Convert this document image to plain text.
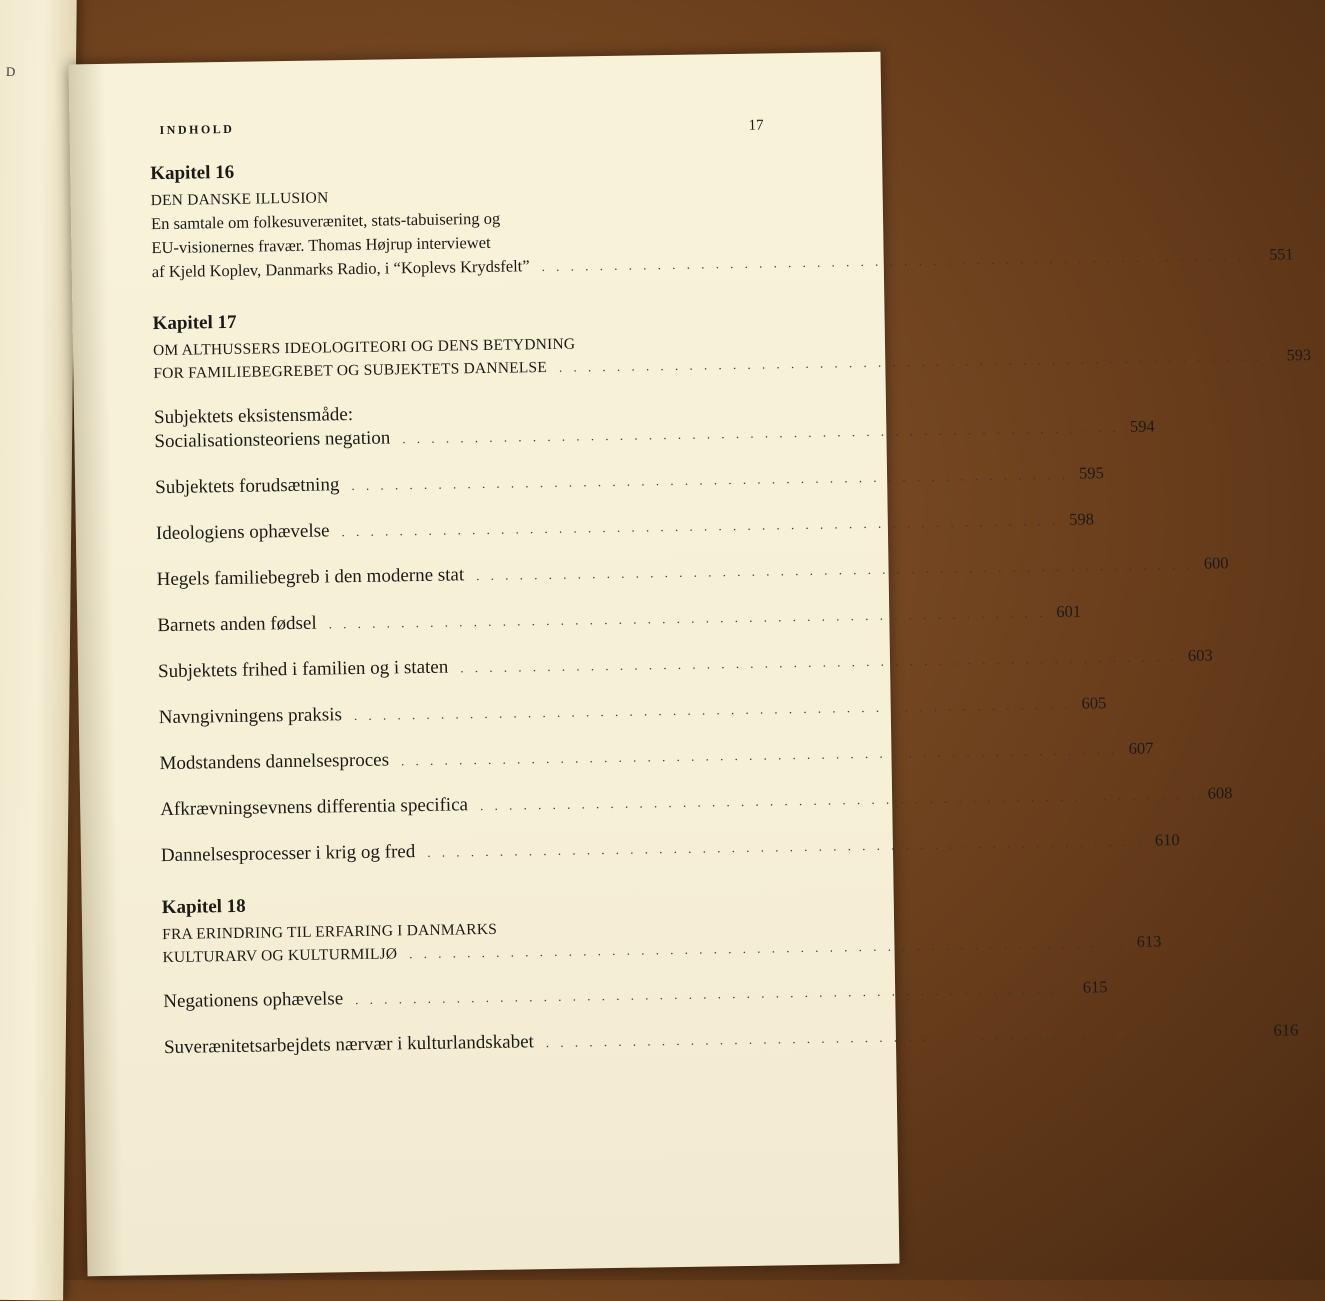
D
INDHOLD	17
Kapitel 16
DEN DANSKE ILLUSION
En samtale om folkesuverænitet, stats-tabuisering og
EU-visionernes fravær. Thomas Højrup interviewet
af Kjeld Koplev, Danmarks Radio, i “Koplevs Krydsfelt” . . . . . . . . . . . . . . . . . . . . . . . . . . . . . . . . . . . . . . . . . . . . . . . . . . 551
Kapitel 17
OM ALTHUSSERS IDEOLOGITEORI OG DENS BETYDNING
FOR FAMILIEBEGREBET OG SUBJEKTETS DANNELSE . . . . . . . . . . . . . . . . . . . . . . . . . . . . . . . . . . . . . . . . . . . . . . . . . . 593
Subjektets eksistensmåde:
Socialisationsteoriens negation . . . . . . . . . . . . . . . . . . . . . . . . . . . . . . . . . . . . . . . . . . . . . . . . . . 594
Subjektets forudsætning . . . . . . . . . . . . . . . . . . . . . . . . . . . . . . . . . . . . . . . . . . . . . . . . . . 595
Ideologiens ophævelse . . . . . . . . . . . . . . . . . . . . . . . . . . . . . . . . . . . . . . . . . . . . . . . . . . 598
Hegels familiebegreb i den moderne stat . . . . . . . . . . . . . . . . . . . . . . . . . . . . . . . . . . . . . . . . . . . . . . . . . . 600
Barnets anden fødsel . . . . . . . . . . . . . . . . . . . . . . . . . . . . . . . . . . . . . . . . . . . . . . . . . . 601
Subjektets frihed i familien og i staten . . . . . . . . . . . . . . . . . . . . . . . . . . . . . . . . . . . . . . . . . . . . . . . . . . 603
Navngivningens praksis . . . . . . . . . . . . . . . . . . . . . . . . . . . . . . . . . . . . . . . . . . . . . . . . . . 605
Modstandens dannelsesproces . . . . . . . . . . . . . . . . . . . . . . . . . . . . . . . . . . . . . . . . . . . . . . . . . . 607
Afkrævningsevnens differentia specifica . . . . . . . . . . . . . . . . . . . . . . . . . . . . . . . . . . . . . . . . . . . . . . . . . . 608
Dannelsesprocesser i krig og fred . . . . . . . . . . . . . . . . . . . . . . . . . . . . . . . . . . . . . . . . . . . . . . . . . . 610
Kapitel 18
FRA ERINDRING TIL ERFARING I DANMARKS
KULTURARV OG KULTURMILJØ . . . . . . . . . . . . . . . . . . . . . . . . . . . . . . . . . . . . . . . . . . . . . . . . . . 613
Negationens ophævelse . . . . . . . . . . . . . . . . . . . . . . . . . . . . . . . . . . . . . . . . . . . . . . . . . . 615
Suverænitetsarbejdets nærvær i kulturlandskabet . . . . . . . . . . . . . . . . . . . . . . . . . . . . . . . . . . . . . . . . . . . . . . . . . . 616
